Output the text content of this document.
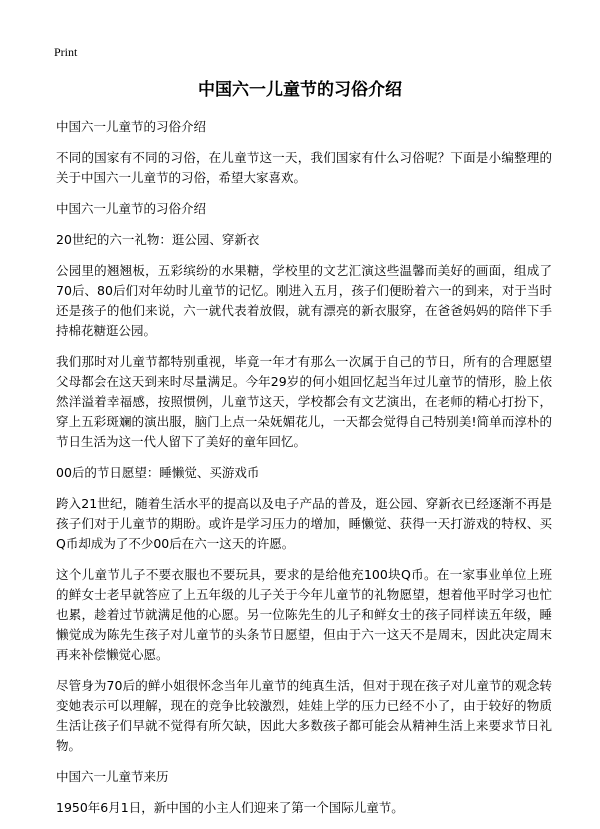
Print
中国六一儿童节的习俗介绍

中国六一儿童节的习俗介绍

不同的国家有不同的习俗，在儿童节这一天，我们国家有什么习俗呢？下面是小编整理的关于中国六一儿童节的习俗，希望大家喜欢。

中国六一儿童节的习俗介绍

20世纪的六一礼物：逛公园、穿新衣

公园里的翘翘板，五彩缤纷的水果糖，学校里的文艺汇演这些温馨而美好的画面，组成了70后、80后们对年幼时儿童节的记忆。刚进入五月，孩子们便盼着六一的到来，对于当时还是孩子的他们来说，六一就代表着放假，就有漂亮的新衣服穿，在爸爸妈妈的陪伴下手持棉花糖逛公园。

我们那时对儿童节都特别重视，毕竟一年才有那么一次属于自己的节日，所有的合理愿望父母都会在这天到来时尽量满足。今年29岁的何小姐回忆起当年过儿童节的情形，脸上依然洋溢着幸福感，按照惯例，儿童节这天，学校都会有文艺演出，在老师的精心打扮下，穿上五彩斑斓的演出服，脑门上点一朵妩媚花儿，一天都会觉得自己特别美!简单而淳朴的节日生活为这一代人留下了美好的童年回忆。

00后的节日愿望：睡懒觉、买游戏币

跨入21世纪，随着生活水平的提高以及电子产品的普及，逛公园、穿新衣已经逐渐不再是孩子们对于儿童节的期盼。或许是学习压力的增加，睡懒觉、获得一天打游戏的特权、买Q币却成为了不少00后在六一这天的许愿。

这个儿童节儿子不要衣服也不要玩具，要求的是给他充100块Q币。在一家事业单位上班的鲜女士老早就答应了上五年级的儿子关于今年儿童节的礼物愿望，想着他平时学习也忙也累，趁着过节就满足他的心愿。另一位陈先生的儿子和鲜女士的孩子同样读五年级，睡懒觉成为陈先生孩子对儿童节的头条节日愿望，但由于六一这天不是周末，因此决定周末再来补偿懒觉心愿。

尽管身为70后的鲜小姐很怀念当年儿童节的纯真生活，但对于现在孩子对儿童节的观念转变她表示可以理解，现在的竞争比较激烈，娃娃上学的压力已经不小了，由于较好的物质生活让孩子们早就不觉得有所欠缺，因此大多数孩子都可能会从精神生活上来要求节日礼物。

中国六一儿童节来历

1950年6月1日，新中国的小主人们迎来了第一个国际儿童节。
